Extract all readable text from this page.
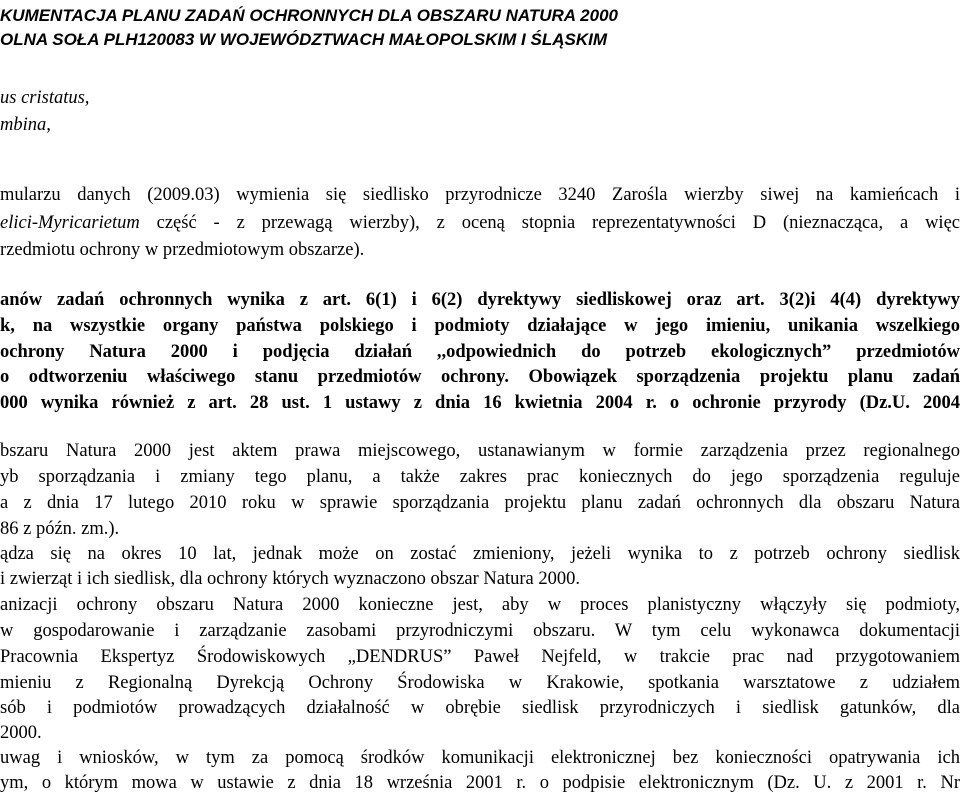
KUMENTACJA PLANU ZADAŃ OCHRONNYCH DLA OBSZARU NATURA 2000
OLNA SOŁA PLH120083 W WOJEWÓDZTWACH MAŁOPOLSKIM I ŚLĄSKIM
us cristatus,
mbina,
mularzu danych (2009.03) wymienia się siedlisko przyrodnicze 3240 Zarośla wierzby siwej na kamieńcach i
elici-Myricarietum część - z przewagą wierzby), z oceną stopnia reprezentatywności D (nieznacząca, a więc
rzedmiotu ochrony w przedmiotowym obszarze).
anów zadań ochronnych wynika z art. 6(1) i 6(2) dyrektywy siedliskowej oraz art. 3(2)i 4(4) dyrektywy
k, na wszystkie organy państwa polskiego i podmioty działające w jego imieniu, unikania wszelkiego
ochrony Natura 2000 i podjęcia działań ,,odpowiednich do potrzeb ekologicznych” przedmiotów
o odtworzeniu właściwego stanu przedmiotów ochrony. Obowiązek sporządzenia projektu planu zadań
000 wynika również z art. 28 ust. 1 ustawy z dnia 16 kwietnia 2004 r. o ochronie przyrody (Dz.U. 2004
bszaru Natura 2000 jest aktem prawa miejscowego, ustanawianym w formie zarządzenia przez regionalnego
yb sporządzania i zmiany tego planu, a także zakres prac koniecznych do jego sporządzenia reguluje
a z dnia 17 lutego 2010 roku w sprawie sporządzania projektu planu zadań ochronnych dla obszaru Natura
86 z późn. zm.).
ądza się na okres 10 lat, jednak może on zostać zmieniony, jeżeli wynika to z potrzeb ochrony siedlisk
i zwierząt i ich siedlisk, dla ochrony których wyznaczono obszar Natura 2000.
anizacji ochrony obszaru Natura 2000 konieczne jest, aby w proces planistyczny włączyły się podmioty,
w gospodarowanie i zarządzanie zasobami przyrodniczymi obszaru. W tym celu wykonawca dokumentacji
Pracownia Ekspertyz Środowiskowych „DENDRUS” Paweł Nejfeld, w trakcie prac nad przygotowaniem
mieniu z Regionalną Dyrekcją Ochrony Środowiska w Krakowie, spotkania warsztatowe z udziałem
sób i podmiotów prowadzących działalność w obrębie siedlisk przyrodniczych i siedlisk gatunków, dla
2000.
uwag i wniosków, w tym za pomocą środków komunikacji elektronicznej bez konieczności opatrywania ich
ym, o którym mowa w ustawie z dnia 18 września 2001 r. o podpisie elektronicznym (Dz. U. z 2001 r. Nr
